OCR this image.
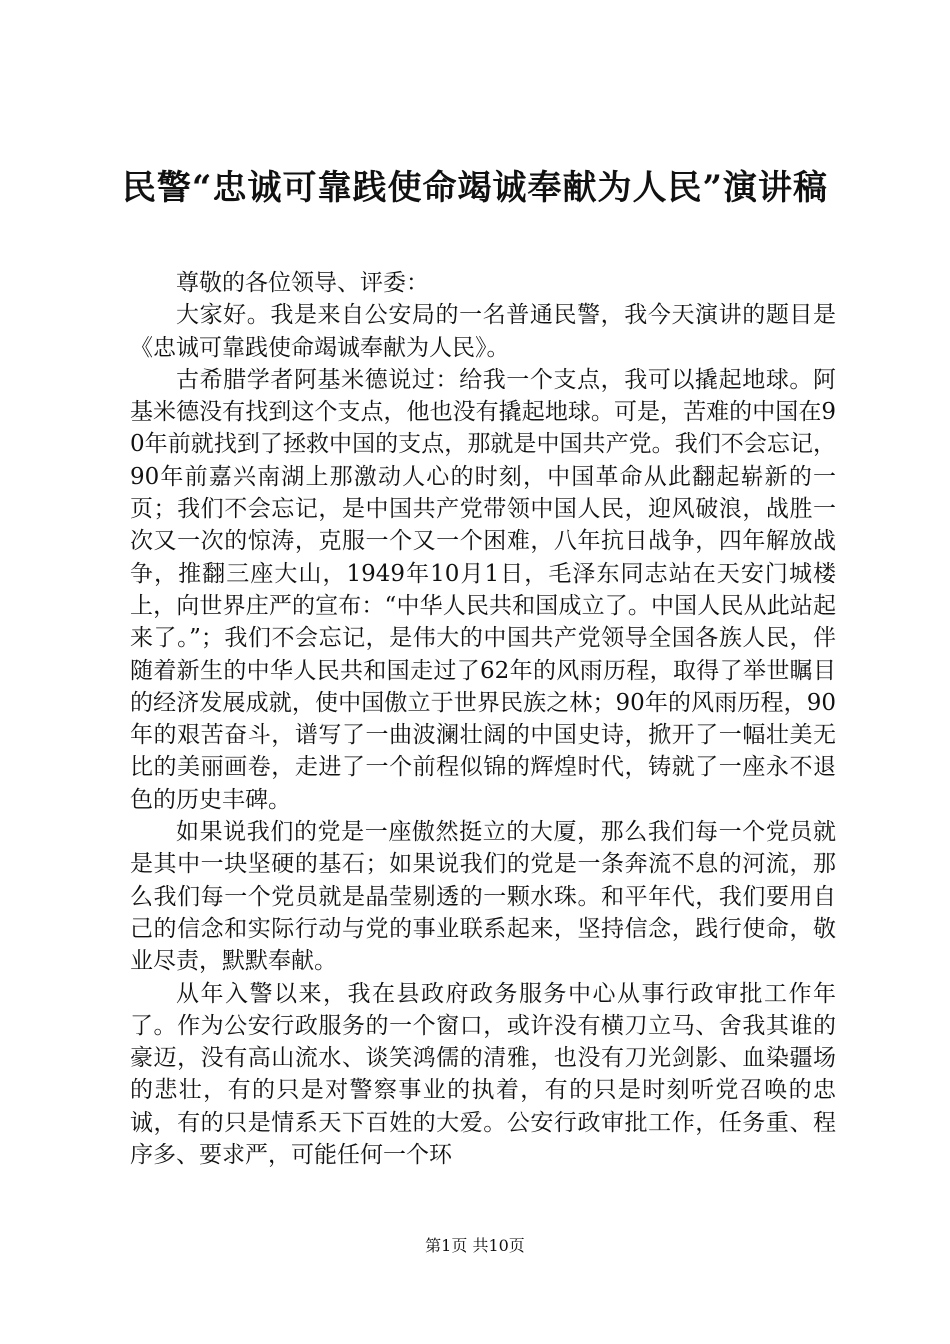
民警“忠诚可靠践使命竭诚奉献为人民”演讲稿

尊敬的各位领导、评委：

大家好。我是来自公安局的一名普通民警，我今天演讲的题目是《忠诚可靠践使命竭诚奉献为人民》。

古希腊学者阿基米德说过：给我一个支点，我可以撬起地球。阿基米德没有找到这个支点，他也没有撬起地球。可是，苦难的中国在90年前就找到了拯救中国的支点，那就是中国共产党。我们不会忘记，90年前嘉兴南湖上那激动人心的时刻，中国革命从此翻起崭新的一页；我们不会忘记，是中国共产党带领中国人民，迎风破浪，战胜一次又一次的惊涛，克服一个又一个困难，八年抗日战争，四年解放战争，推翻三座大山，1949年10月1日，毛泽东同志站在天安门城楼上，向世界庄严的宣布：“中华人民共和国成立了。中国人民从此站起来了。”；我们不会忘记，是伟大的中国共产党领导全国各族人民，伴随着新生的中华人民共和国走过了62年的风雨历程，取得了举世瞩目的经济发展成就，使中国傲立于世界民族之林；90年的风雨历程，90年的艰苦奋斗，谱写了一曲波澜壮阔的中国史诗，掀开了一幅壮美无比的美丽画卷，走进了一个前程似锦的辉煌时代，铸就了一座永不退色的历史丰碑。

如果说我们的党是一座傲然挺立的大厦，那么我们每一个党员就是其中一块坚硬的基石；如果说我们的党是一条奔流不息的河流，那么我们每一个党员就是晶莹剔透的一颗水珠。和平年代，我们要用自己的信念和实际行动与党的事业联系起来，坚持信念，践行使命，敬业尽责，默默奉献。

从年入警以来，我在县政府政务服务中心从事行政审批工作年了。作为公安行政服务的一个窗口，或许没有横刀立马、舍我其谁的豪迈，没有高山流水、谈笑鸿儒的清雅，也没有刀光剑影、血染疆场的悲壮，有的只是对警察事业的执着，有的只是时刻听党召唤的忠诚，有的只是情系天下百姓的大爱。公安行政审批工作，任务重、程序多、要求严，可能任何一个环

第1页 共10页
